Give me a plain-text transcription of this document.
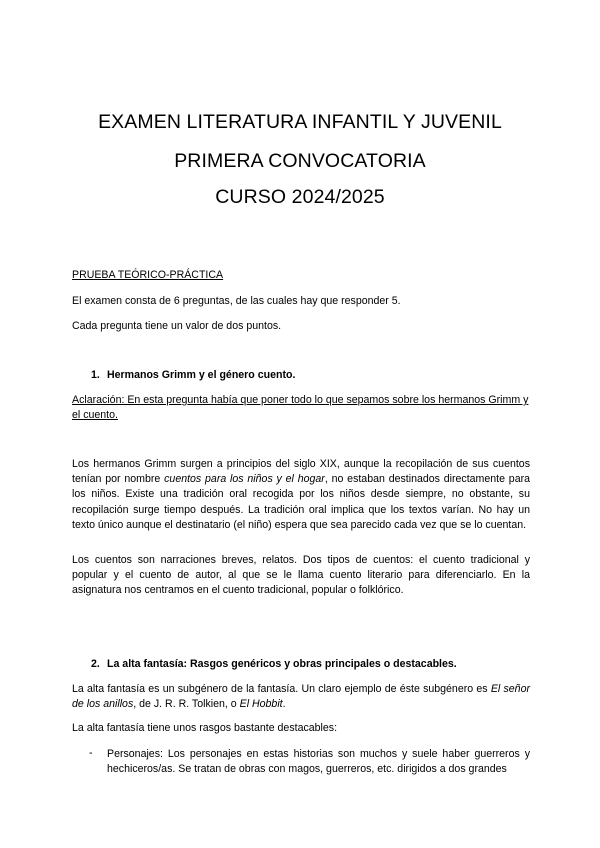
EXAMEN LITERATURA INFANTIL Y JUVENIL
PRIMERA CONVOCATORIA
CURSO 2024/2025
PRUEBA TEÓRICO-PRÁCTICA
El examen consta de 6 preguntas, de las cuales hay que responder 5.
Cada pregunta tiene un valor de dos puntos.
1. Hermanos Grimm y el género cuento.
Aclaración: En esta pregunta había que poner todo lo que sepamos sobre los hermanos Grimm y el cuento.
Los hermanos Grimm surgen a principios del siglo XIX, aunque la recopilación de sus cuentos tenían por nombre cuentos para los niños y el hogar, no estaban destinados directamente para los niños. Existe una tradición oral recogida por los niños desde siempre, no obstante, su recopilación surge tiempo después. La tradición oral implica que los textos varían. No hay un texto único aunque el destinatario (el niño) espera que sea parecido cada vez que se lo cuentan.
Los cuentos son narraciones breves, relatos. Dos tipos de cuentos: el cuento tradicional y popular y el cuento de autor, al que se le llama cuento literario para diferenciarlo. En la asignatura nos centramos en el cuento tradicional, popular o folklórico.
2. La alta fantasía: Rasgos genéricos y obras principales o destacables.
La alta fantasía es un subgénero de la fantasía. Un claro ejemplo de éste subgénero es El señor de los anillos, de J. R. R. Tolkien, o El Hobbit.
La alta fantasía tiene unos rasgos bastante destacables:
- Personajes: Los personajes en estas historias son muchos y suele haber guerreros y hechiceros/as. Se tratan de obras con magos, guerreros, etc. dirigidos a dos grandes
